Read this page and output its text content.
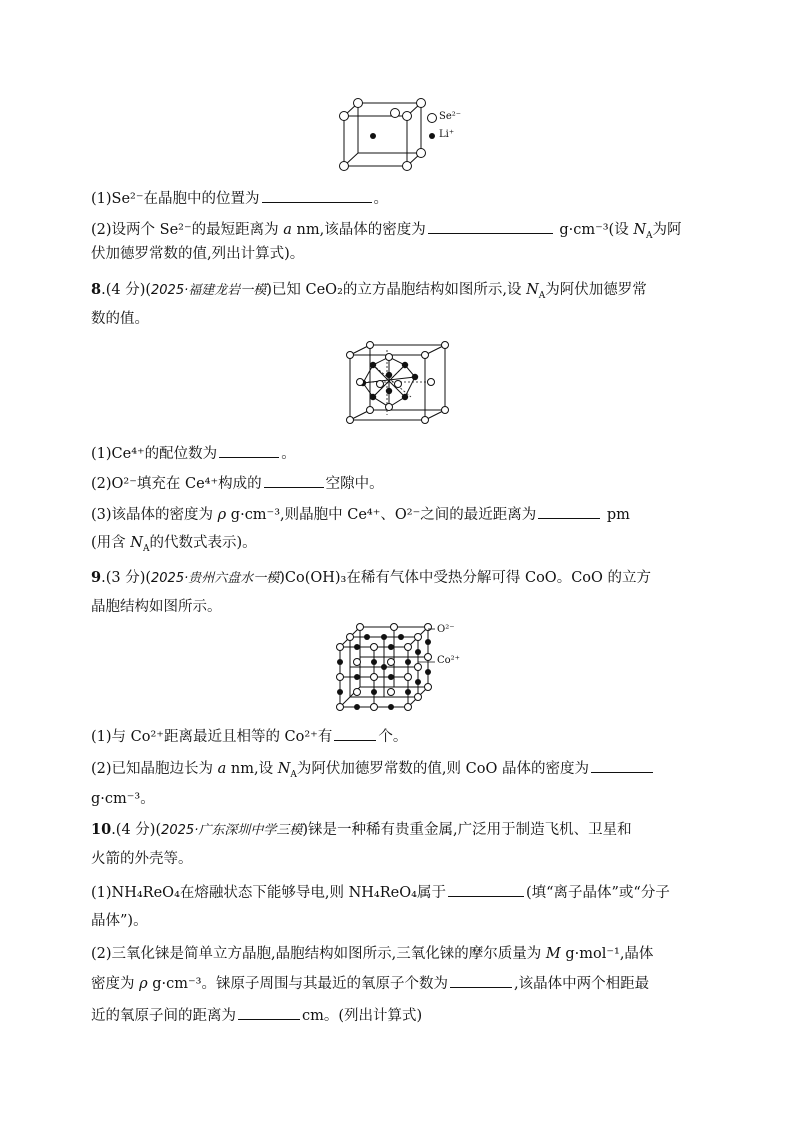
Se²⁻
Li⁺
(1)Se²⁻在晶胞中的位置为	。
(2)设两个 Se²⁻的最短距离为 a nm,该晶体的密度为	g·cm⁻³(设 $N_A$为阿
伏加德罗常数的值,列出计算式)。
8.(4 分)(2025·福建龙岩一模)已知 CeO₂的立方晶胞结构如图所示,设 $N_A$为阿伏加德罗常
数的值。
(1)Ce⁴⁺的配位数为	。
(2)O²⁻填充在 Ce⁴⁺构成的	空隙中。
(3)该晶体的密度为 ρ g·cm⁻³,则晶胞中 Ce⁴⁺、O²⁻之间的最近距离为	pm
(用含 $N_A$的代数式表示)。
9.(3 分)(2025·贵州六盘水一模)Co(OH)₃在稀有气体中受热分解可得 CoO。CoO 的立方
晶胞结构如图所示。
O²⁻
Co²⁺
(1)与 Co²⁺距离最近且相等的 Co²⁺有	个。
(2)已知晶胞边长为 a nm,设 $N_A$为阿伏加德罗常数的值,则 CoO 晶体的密度为
g·cm⁻³。
10.(4 分)(2025·广东深圳中学三模)铼是一种稀有贵重金属,广泛用于制造飞机、卫星和
火箭的外壳等。
(1)NH₄ReO₄在熔融状态下能够导电,则 NH₄ReO₄属于	(填“离子晶体”或“分子
晶体”)。
(2)三氧化铼是简单立方晶胞,晶胞结构如图所示,三氧化铼的摩尔质量为 M g·mol⁻¹,晶体
密度为 ρ g·cm⁻³。铼原子周围与其最近的氧原子个数为	,该晶体中两个相距最
近的氧原子间的距离为	cm。(列出计算式)
